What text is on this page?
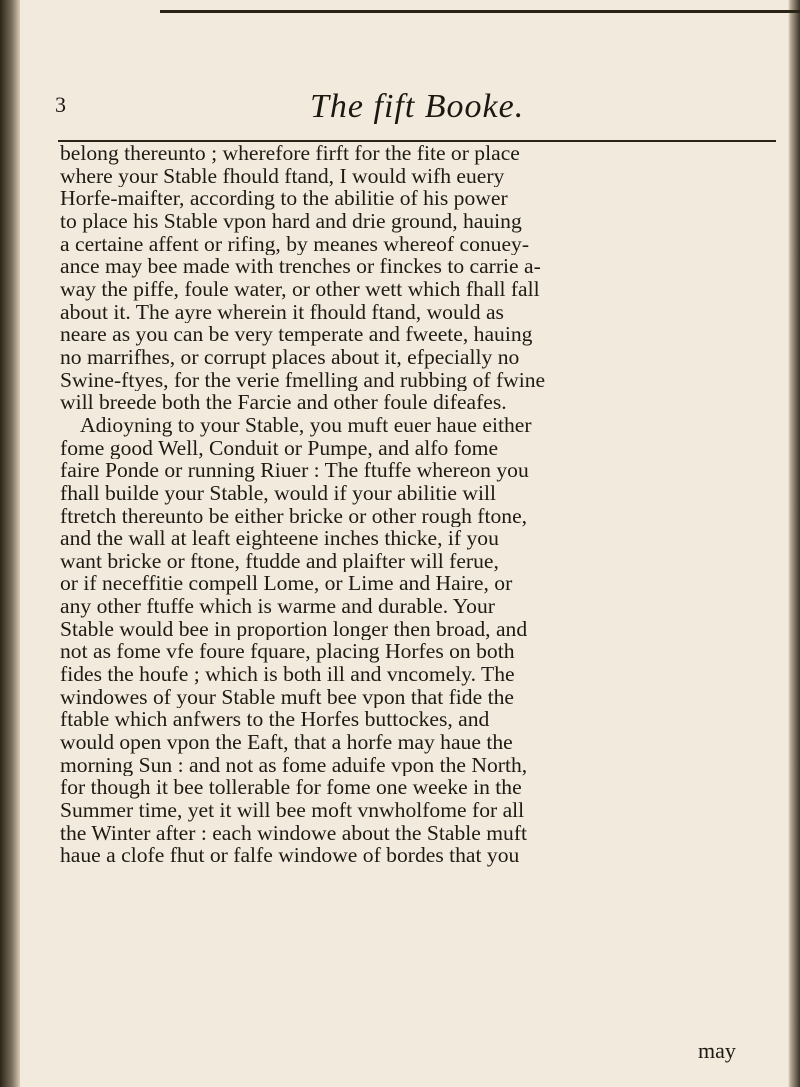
3	The fift Booke.
belong thereunto ; wherefore firft for the fite or place
where your Stable fhould ftand, I would wifh euery
Horfe-maifter, according to the abilitie of his power
to place his Stable vpon hard and drie ground, hauing
a certaine affent or rifing, by meanes whereof conuey-
ance may bee made with trenches or finckes to carrie a-
way the piffe, foule water, or other wett which fhall fall
about it. The ayre wherein it fhould ftand, would as
neare as you can be very temperate and fweete, hauing
no marrifhes, or corrupt places about it, efpecially no
Swine-ftyes, for the verie fmelling and rubbing of fwine
will breede both the Farcie and other foule difeafes.
Adioyning to your Stable, you muft euer haue either
fome good Well, Conduit or Pumpe, and alfo fome
faire Ponde or running Riuer : The ftuffe whereon you
fhall builde your Stable, would if your abilitie will
ftretch thereunto be either bricke or other rough ftone,
and the wall at leaft eighteene inches thicke, if you
want bricke or ftone, ftudde and plaifter will ferue,
or if neceffitie compell Lome, or Lime and Haire, or
any other ftuffe which is warme and durable. Your
Stable would bee in proportion longer then broad, and
not as fome vfe foure fquare, placing Horfes on both
fides the houfe ; which is both ill and vncomely. The
windowes of your Stable muft bee vpon that fide the
ftable which anfwers to the Horfes buttockes, and
would open vpon the Eaft, that a horfe may haue the
morning Sun : and not as fome aduife vpon the North,
for though it bee tollerable for fome one weeke in the
Summer time, yet it will bee moft vnwholfome for all
the Winter after : each windowe about the Stable muft
haue a clofe fhut or falfe windowe of bordes that you
may
